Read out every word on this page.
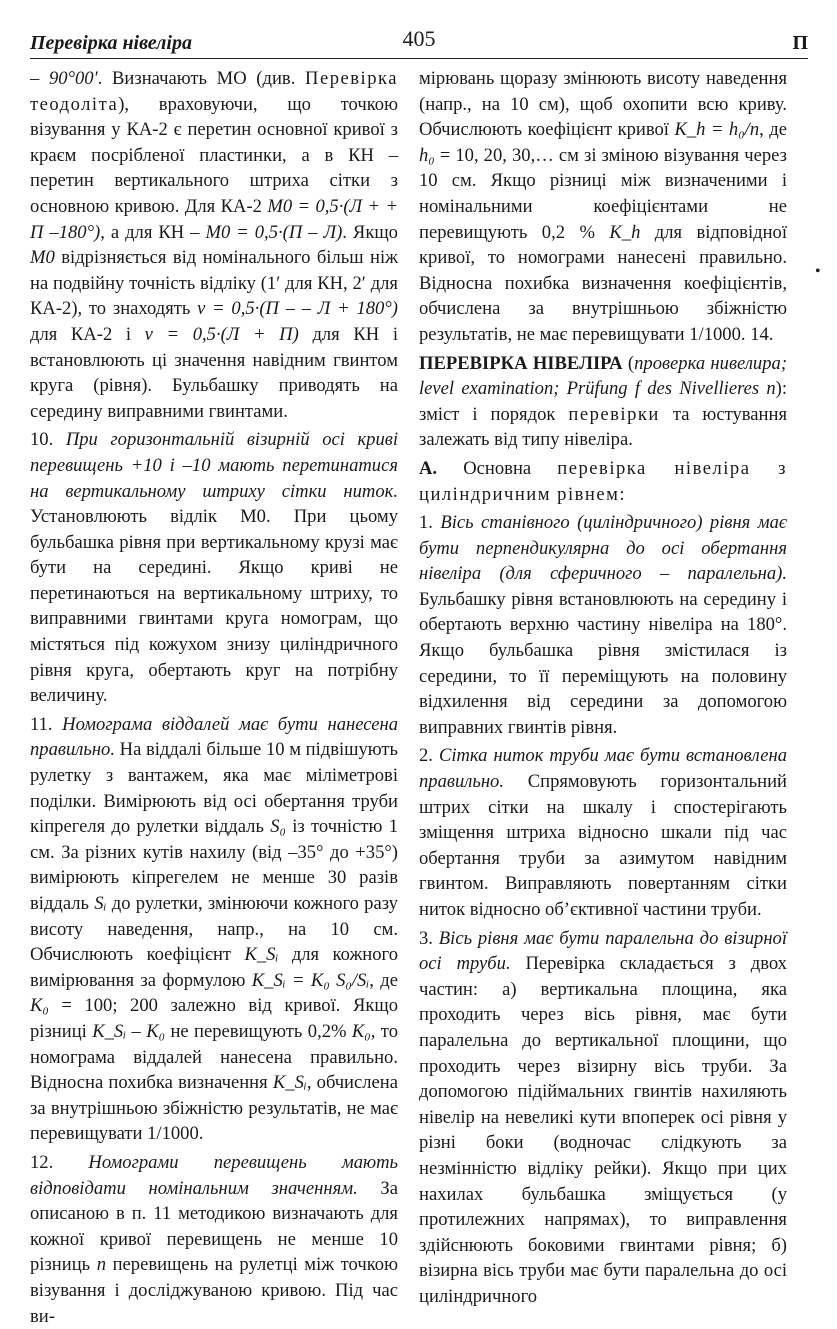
Перевірка нівеліра	405	П

– 90°00′. Визначають МО (див. Перевірка теодоліта), враховуючи, що точкою візування у КА-2 є перетин основної кривої з краєм посрібленої пластинки, а в КН – перетин вертикального штриха сітки з основною кривою. Для КА-2 М0 = 0,5·(Л + + П –180°), а для КН – М0 = 0,5·(П – Л). Якщо М0 відрізняється від номінального більш ніж на подвійну точність відліку (1′ для КН, 2′ для КА-2), то знаходять v = 0,5·(П – – Л + 180°) для КА-2 і v = 0,5·(Л + П) для КН і встановлюють ці значення навідним гвинтом круга (рівня). Бульбашку приводять на середину виправними гвинтами.

10. При горизонтальній візирній осі криві перевищень +10 і –10 мають перетинатися на вертикальному штриху сітки ниток. Установлюють відлік М0. При цьому бульбашка рівня при вертикальному крузі має бути на середині. Якщо криві не перетинаються на вертикальному штриху, то виправними гвинтами круга номограм, що містяться під кожухом знизу циліндричного рівня круга, обертають круг на потрібну величину.

11. Номограма віддалей має бути нанесена правильно. На віддалі більше 10 м підвішують рулетку з вантажем, яка має міліметрові поділки. Вимірюють від осі обертання труби кіпрегеля до рулетки віддаль S₀ із точністю 1 см. За різних кутів нахилу (від –35° до +35°) вимірюють кіпрегелем не менше 30 разів віддаль Sᵢ до рулетки, змінюючи кожного разу висоту наведення, напр., на 10 см. Обчислюють коефіцієнт K_Sᵢ для кожного вимірювання за формулою K_Sᵢ = K₀ S₀/Sᵢ, де K₀ = 100; 200 залежно від кривої. Якщо різниці K_Sᵢ – K₀ не перевищують 0,2% K₀, то номограма віддалей нанесена правильно. Відносна похибка визначення K_Sᵢ, обчислена за внутрішньою збіжністю результатів, не має перевищувати 1/1000.

12. Номограми перевищень мають відповідати номінальним значенням. За описаною в п. 11 методикою визначають для кожної кривої перевищень не менше 10 різниць n перевищень на рулетці між точкою візування і досліджуваною кривою. Під час ви-

мірювань щоразу змінюють висоту наведення (напр., на 10 см), щоб охопити всю криву. Обчислюють коефіцієнт кривої K_h = h₀/n, де h₀ = 10, 20, 30,… см зі зміною візування через 10 см. Якщо різниці між визначеними і номінальними коефіцієнтами не перевищують 0,2 % K_h для відповідної кривої, то номограми нанесені правильно. Відносна похибка визначення коефіцієнтів, обчислена за внутрішньою збіжністю результатів, не має перевищувати 1/1000. 14.

ПЕРЕВІРКА НІВЕЛІРА (проверка нивелира; level examination; Prüfung f des Nivellieres n): зміст і порядок перевірки та юстування залежать від типу нівеліра.

А. Основна перевірка нівеліра з циліндричним рівнем:

1. Вісь станівного (циліндричного) рівня має бути перпендикулярна до осі обертання нівеліра (для сферичного – паралельна). Бульбашку рівня встановлюють на середину і обертають верхню частину нівеліра на 180°. Якщо бульбашка рівня змістилася із середини, то її переміщують на половину відхилення від середини за допомогою виправних гвинтів рівня.

2. Сітка ниток труби має бути встановлена правильно. Спрямовують горизонтальний штрих сітки на шкалу і спостерігають зміщення штриха відносно шкали під час обертання труби за азимутом навідним гвинтом. Виправляють повертанням сітки ниток відносно об’єктивної частини труби.

3. Вісь рівня має бути паралельна до візирної осі труби. Перевірка складається з двох частин: а) вертикальна площина, яка проходить через вісь рівня, має бути паралельна до вертикальної площини, що проходить через візирну вісь труби. За допомогою підіймальних гвинтів нахиляють нівелір на невеликі кути впоперек осі рівня у різні боки (водночас слідкують за незмінністю відліку рейки). Якщо при цих нахилах бульбашка зміщується (у протилежних напрямах), то виправлення здійснюють боковими гвинтами рівня; б) візирна вісь труби має бути паралельна до осі циліндричного

•
